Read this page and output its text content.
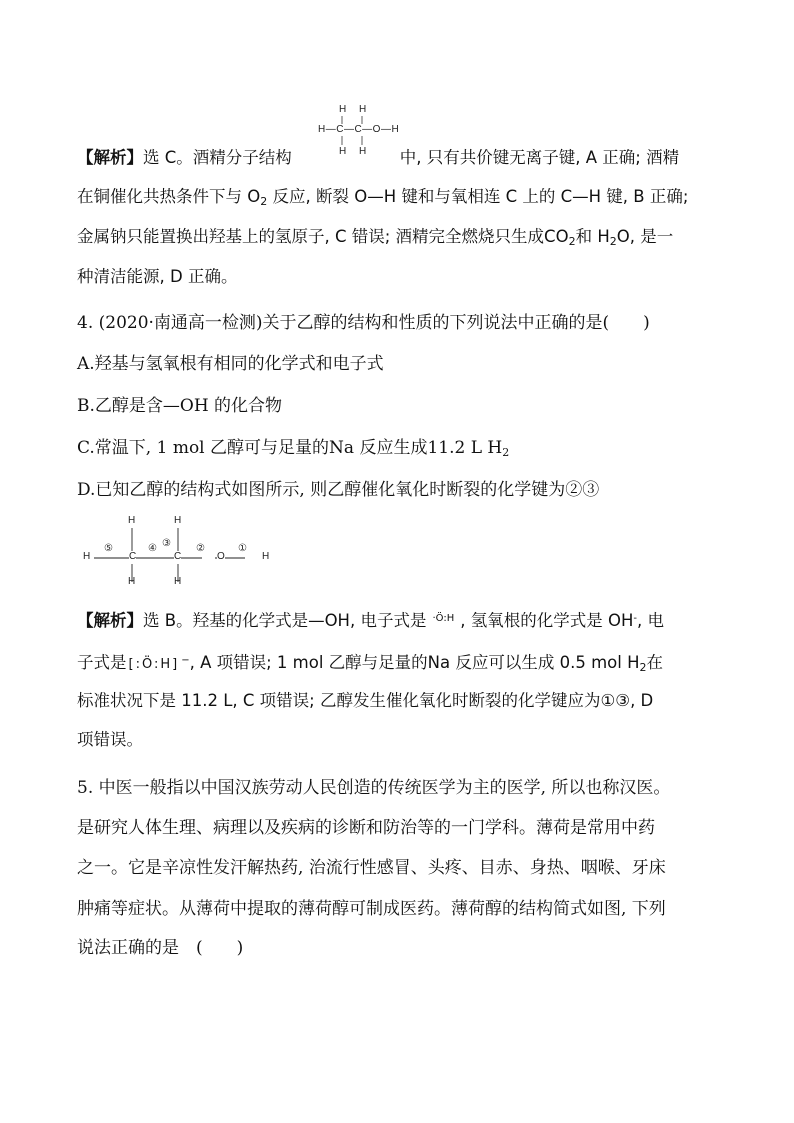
H H
H—C—C—O—H
H H
【解析】选 C。酒精分子结构	中, 只有共价键无离子键, A 正确; 酒精
在铜催化共热条件下与 $O_2$ 反应, 断裂 O—H 键和与氧相连 C 上的 C—H 键, B 正确;
金属钠只能置换出羟基上的氢原子, C 错误; 酒精完全燃烧只生成$CO_2$和 $H_2O$, 是一
种清洁能源, D 正确。
4. (2020·南通高一检测)关于乙醇的结构和性质的下列说法中正确的是(　　)
A.羟基与氢氧根有相同的化学式和电子式
B.乙醇是含—OH 的化合物
C.常温下, 1 mol 乙醇可与足量的Na 反应生成11.2 L $H_2$
D.已知乙醇的结构式如图所示, 则乙醇催化氧化时断裂的化学键为②③
H	H
H
⑤
C
④ ③
C
②
O
①
H
H	H
【解析】选 B。羟基的化学式是—OH, 电子式是 $^{\cdot Ö:H}$ , 氢氧根的化学式是 OH-, 电
子式是 [:Ö:H] −, A 项错误; 1 mol 乙醇与足量的Na 反应可以生成 0.5 mol $H_2$在
标准状况下是 11.2 L, C 项错误; 乙醇发生催化氧化时断裂的化学键应为①③, D
项错误。
5. 中医一般指以中国汉族劳动人民创造的传统医学为主的医学, 所以也称汉医。
是研究人体生理、病理以及疾病的诊断和防治等的一门学科。薄荷是常用中药
之一。它是辛凉性发汗解热药, 治流行性感冒、头疼、目赤、身热、咽喉、牙床
肿痛等症状。从薄荷中提取的薄荷醇可制成医药。薄荷醇的结构简式如图, 下列
说法正确的是　(　　)
